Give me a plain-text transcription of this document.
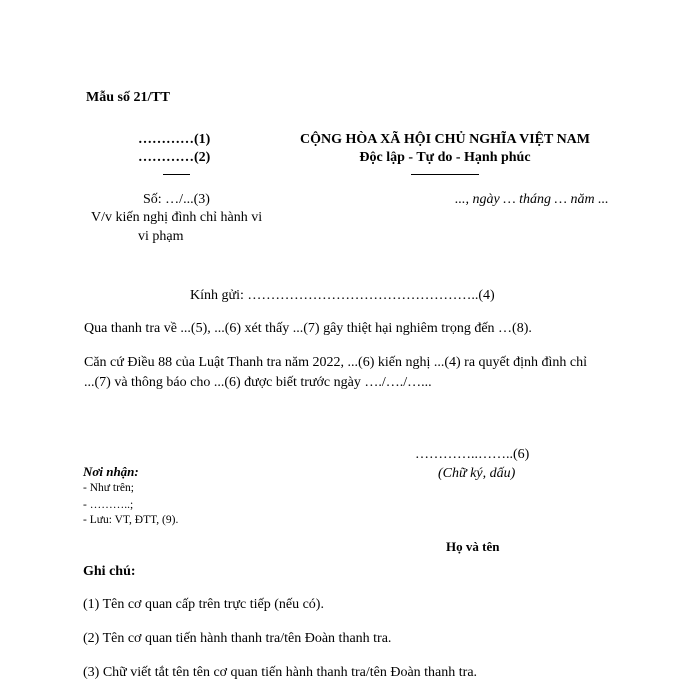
Mẫu số 21/TT
…………(1)
…………(2)
Số: …/...(3)
V/v kiến nghị đình chỉ hành vi
vi phạm
CỘNG HÒA XÃ HỘI CHỦ NGHĨA VIỆT NAM
Độc lập - Tự do - Hạnh phúc
..., ngày … tháng … năm ...
Kính gửi: …………………………………………..(4)
Qua thanh tra về ...(5), ...(6) xét thấy ...(7) gây thiệt hại nghiêm trọng đến …(8).
Căn cứ Điều 88 của Luật Thanh tra năm 2022, ...(6) kiến nghị ...(4) ra quyết định đình chỉ
...(7) và thông báo cho ...(6) được biết trước ngày …./…./…...
…………..……..(6)
(Chữ ký, dấu)
Họ và tên
Nơi nhận:
- Như trên;
- ………..;
- Lưu: VT, ĐTT, (9).
Ghi chú:
(1) Tên cơ quan cấp trên trực tiếp (nếu có).
(2) Tên cơ quan tiến hành thanh tra/tên Đoàn thanh tra.
(3) Chữ viết tắt tên tên cơ quan tiến hành thanh tra/tên Đoàn thanh tra.
